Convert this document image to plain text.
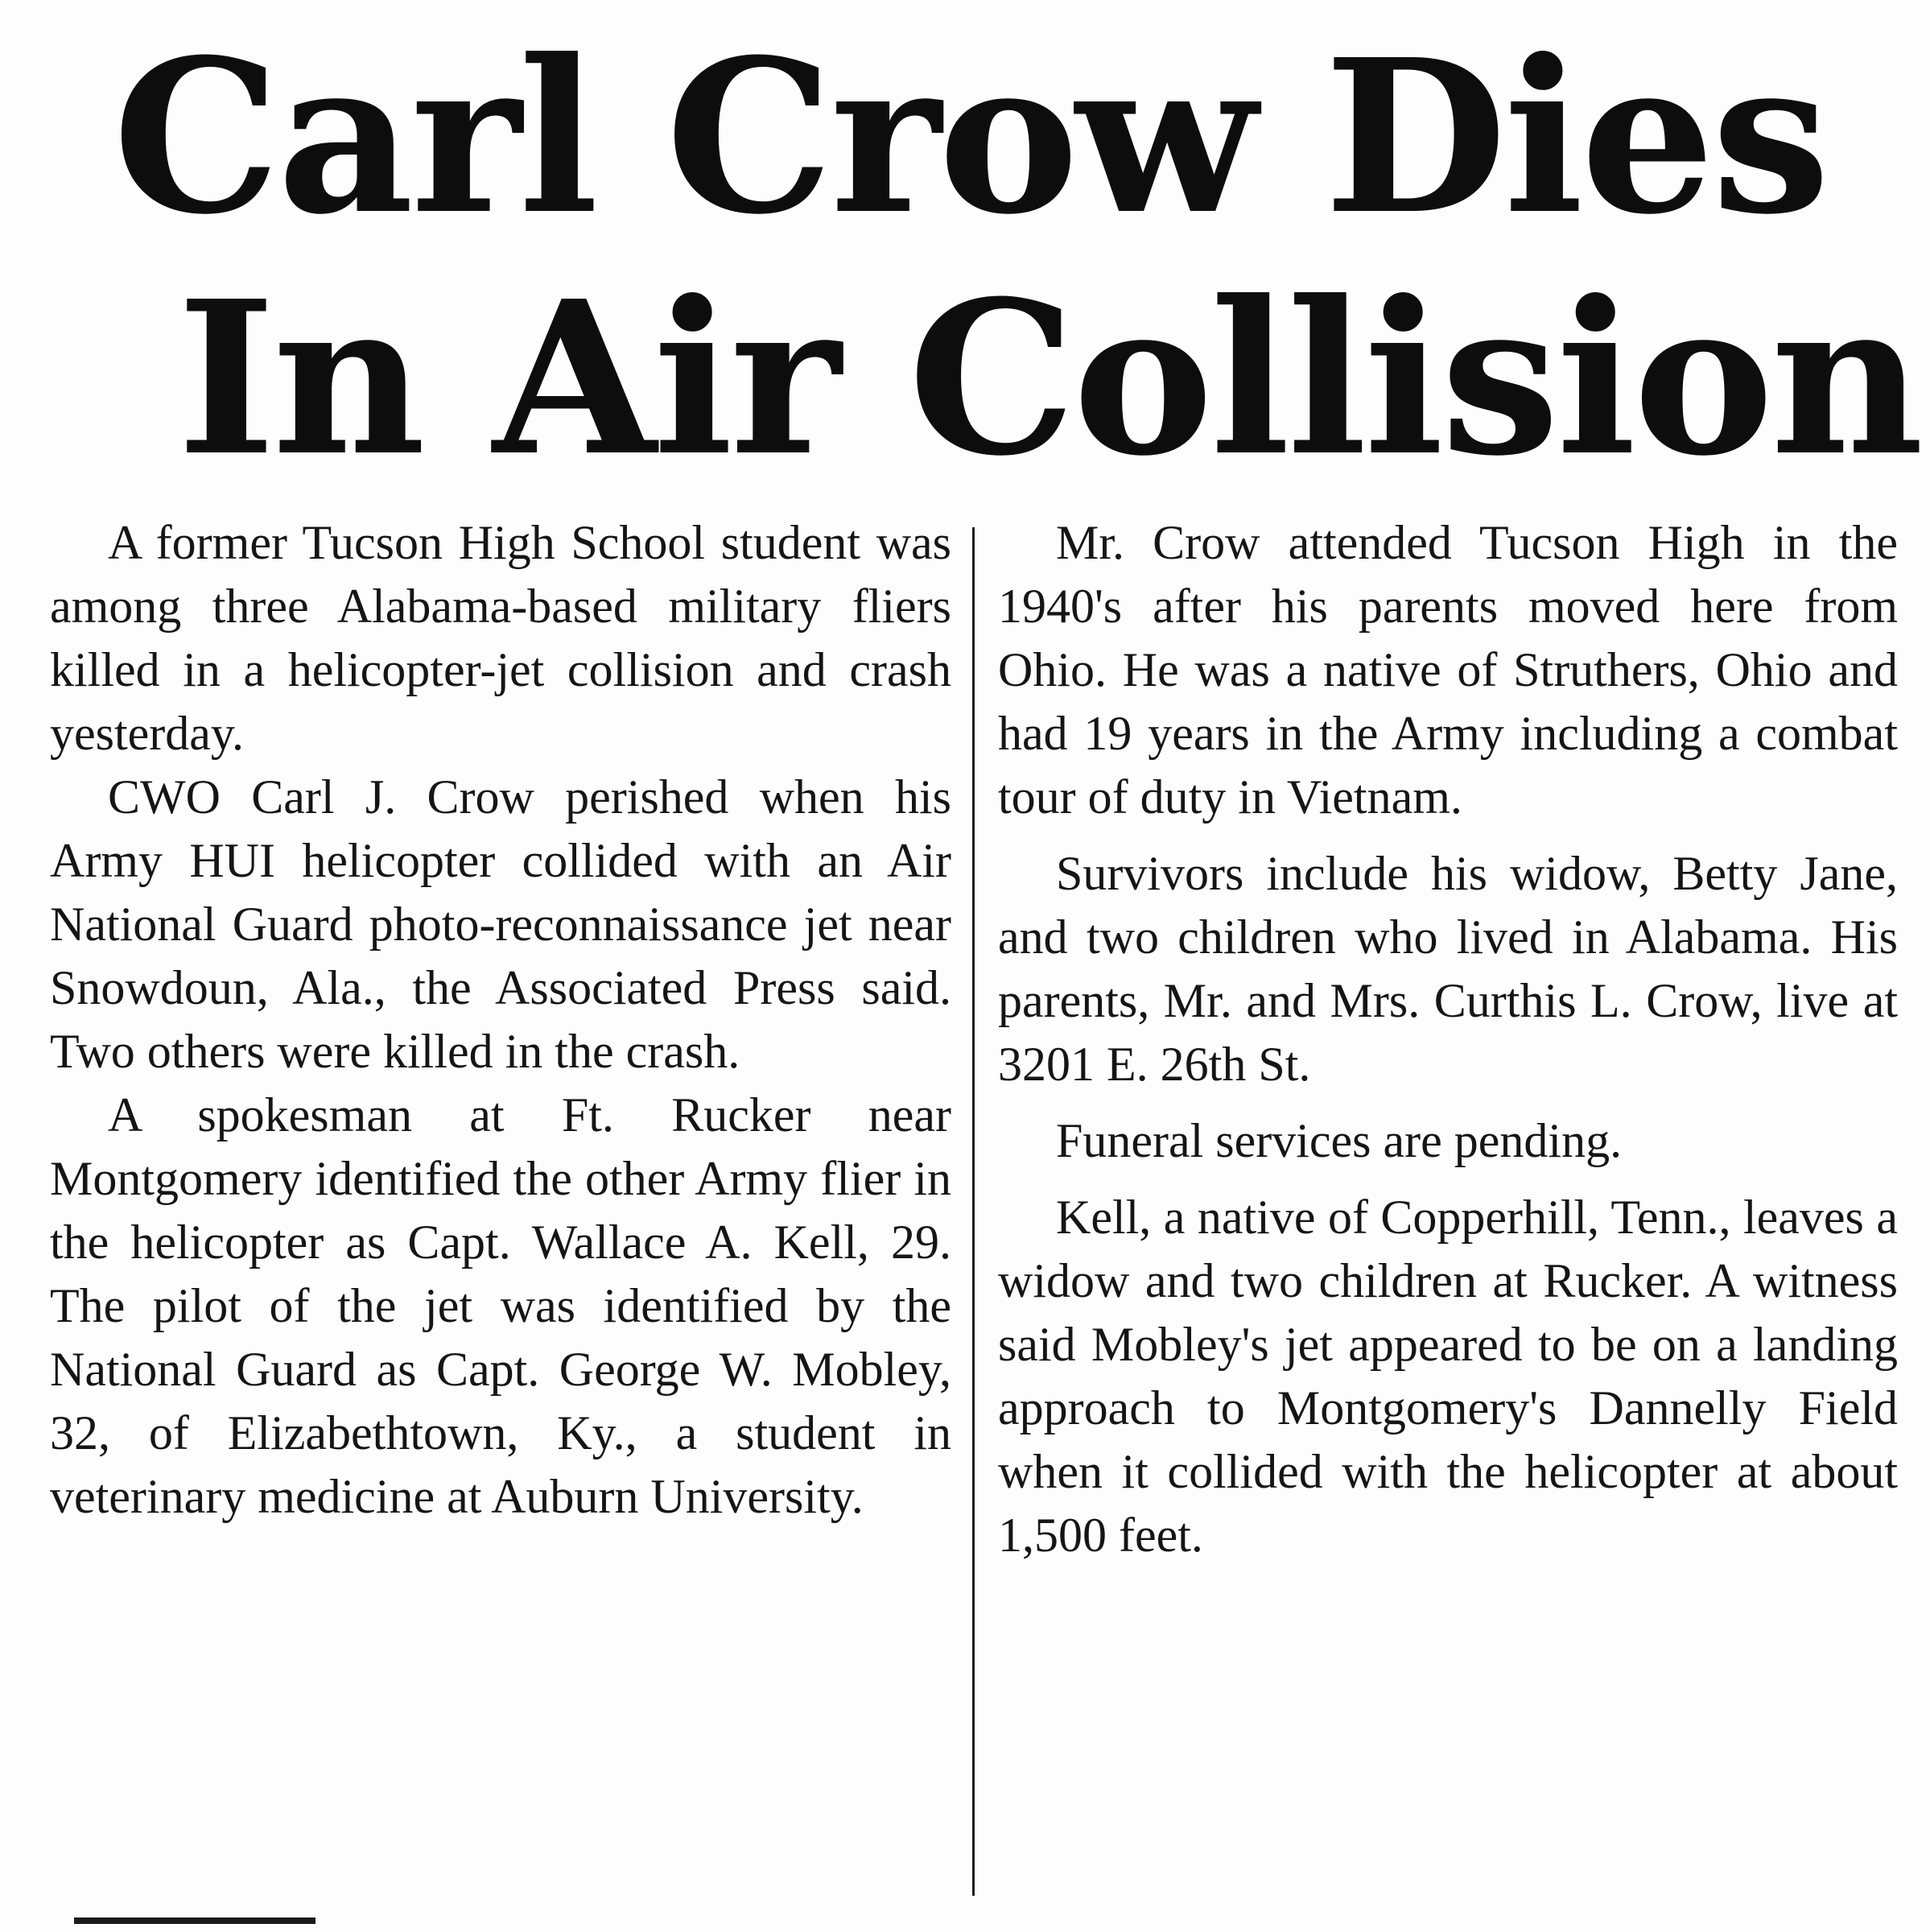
Carl Crow Dies
In Air Collision

A former Tucson High School student was among three Alabama-based military fliers killed in a helicopter-jet collision and crash yesterday.

CWO Carl J. Crow perished when his Army HUI helicopter collided with an Air National Guard photo-reconnaissance jet near Snowdoun, Ala., the Associated Press said. Two others were killed in the crash.

A spokesman at Ft. Rucker near Montgomery identified the other Army flier in the helicopter as Capt. Wallace A. Kell, 29. The pilot of the jet was identified by the National Guard as Capt. George W. Mobley, 32, of Elizabethtown, Ky., a student in veterinary medicine at Auburn University.

Mr. Crow attended Tucson High in the 1940's after his parents moved here from Ohio. He was a native of Struthers, Ohio and had 19 years in the Army including a combat tour of duty in Vietnam.

Survivors include his widow, Betty Jane, and two children who lived in Alabama. His parents, Mr. and Mrs. Curthis L. Crow, live at 3201 E. 26th St.

Funeral services are pending.

Kell, a native of Copperhill, Tenn., leaves a widow and two children at Rucker. A witness said Mobley's jet appeared to be on a landing approach to Montgomery's Dannelly Field when it collided with the helicopter at about 1,500 feet.
